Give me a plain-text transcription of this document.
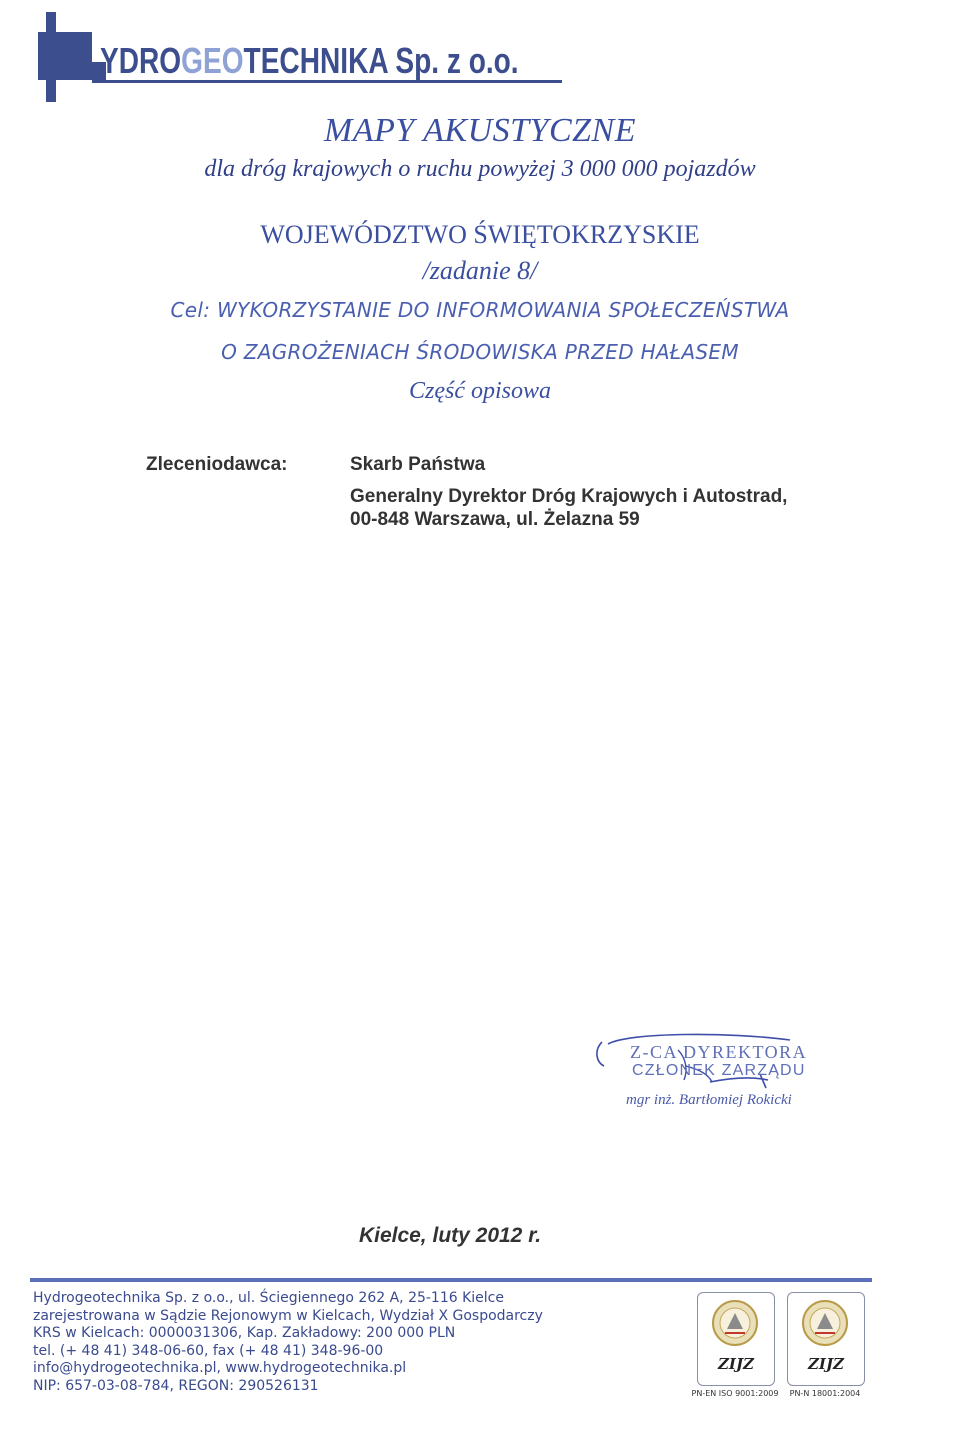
YDROGEOTECHNIKA Sp. z o.o.
MAPY AKUSTYCZNE
dla dróg krajowych o ruchu powyżej 3 000 000 pojazdów
WOJEWÓDZTWO ŚWIĘTOKRZYSKIE
/zadanie 8/
Cel: WYKORZYSTANIE DO INFORMOWANIA SPOŁECZEŃSTWA
O ZAGROŻENIACH ŚRODOWISKA PRZED HAŁASEM
Część opisowa
Zleceniodawca:	Skarb Państwa
Generalny Dyrektor Dróg Krajowych i Autostrad,
00-848 Warszawa, ul. Żelazna 59
Z-CA DYREKTORA
CZŁONEK ZARZĄDU
mgr inż. Bartłomiej Rokicki
Kielce, luty 2012 r.
Hydrogeotechnika Sp. z o.o., ul. Ściegiennego 262 A, 25-116 Kielce
zarejestrowana w Sądzie Rejonowym w Kielcach, Wydział X Gospodarczy
KRS w Kielcach: 0000031306, Kap. Zakładowy: 200 000 PLN
tel. (+ 48 41) 348-06-60, fax (+ 48 41) 348-96-00
info@hydrogeotechnika.pl, www.hydrogeotechnika.pl
NIP: 657-03-08-784, REGON: 290526131
ZIJZ
PN-EN ISO 9001:2009
ZIJZ
PN-N 18001:2004
